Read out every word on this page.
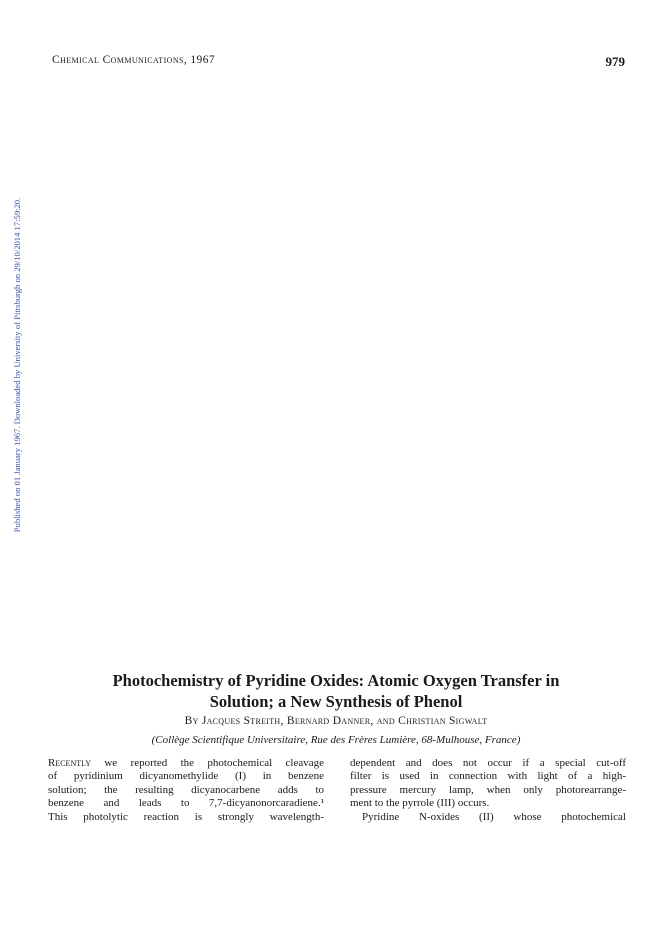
Chemical Communications, 1967	979
Published on 01 January 1967. Downloaded by University of Pittsburgh on 29/10/2014 17:59:20.
Photochemistry of Pyridine Oxides: Atomic Oxygen Transfer in
Solution; a New Synthesis of Phenol
By Jacques Streith, Bernard Danner, and Christian Sigwalt
(Collège Scientifique Universitaire, Rue des Frères Lumière, 68-Mulhouse, France)
Recently we reported the photochemical cleavage
of pyridinium dicyanomethylide (I) in benzene
solution; the resulting dicyanocarbene adds to
benzene and leads to 7,7-dicyanonorcaradiene.¹
This photolytic reaction is strongly wavelength-
dependent and does not occur if a special cut-off
filter is used in connection with light of a high-
pressure mercury lamp, when only photorearrange-
ment to the pyrrole (III) occurs.
Pyridine N-oxides (II) whose photochemical
